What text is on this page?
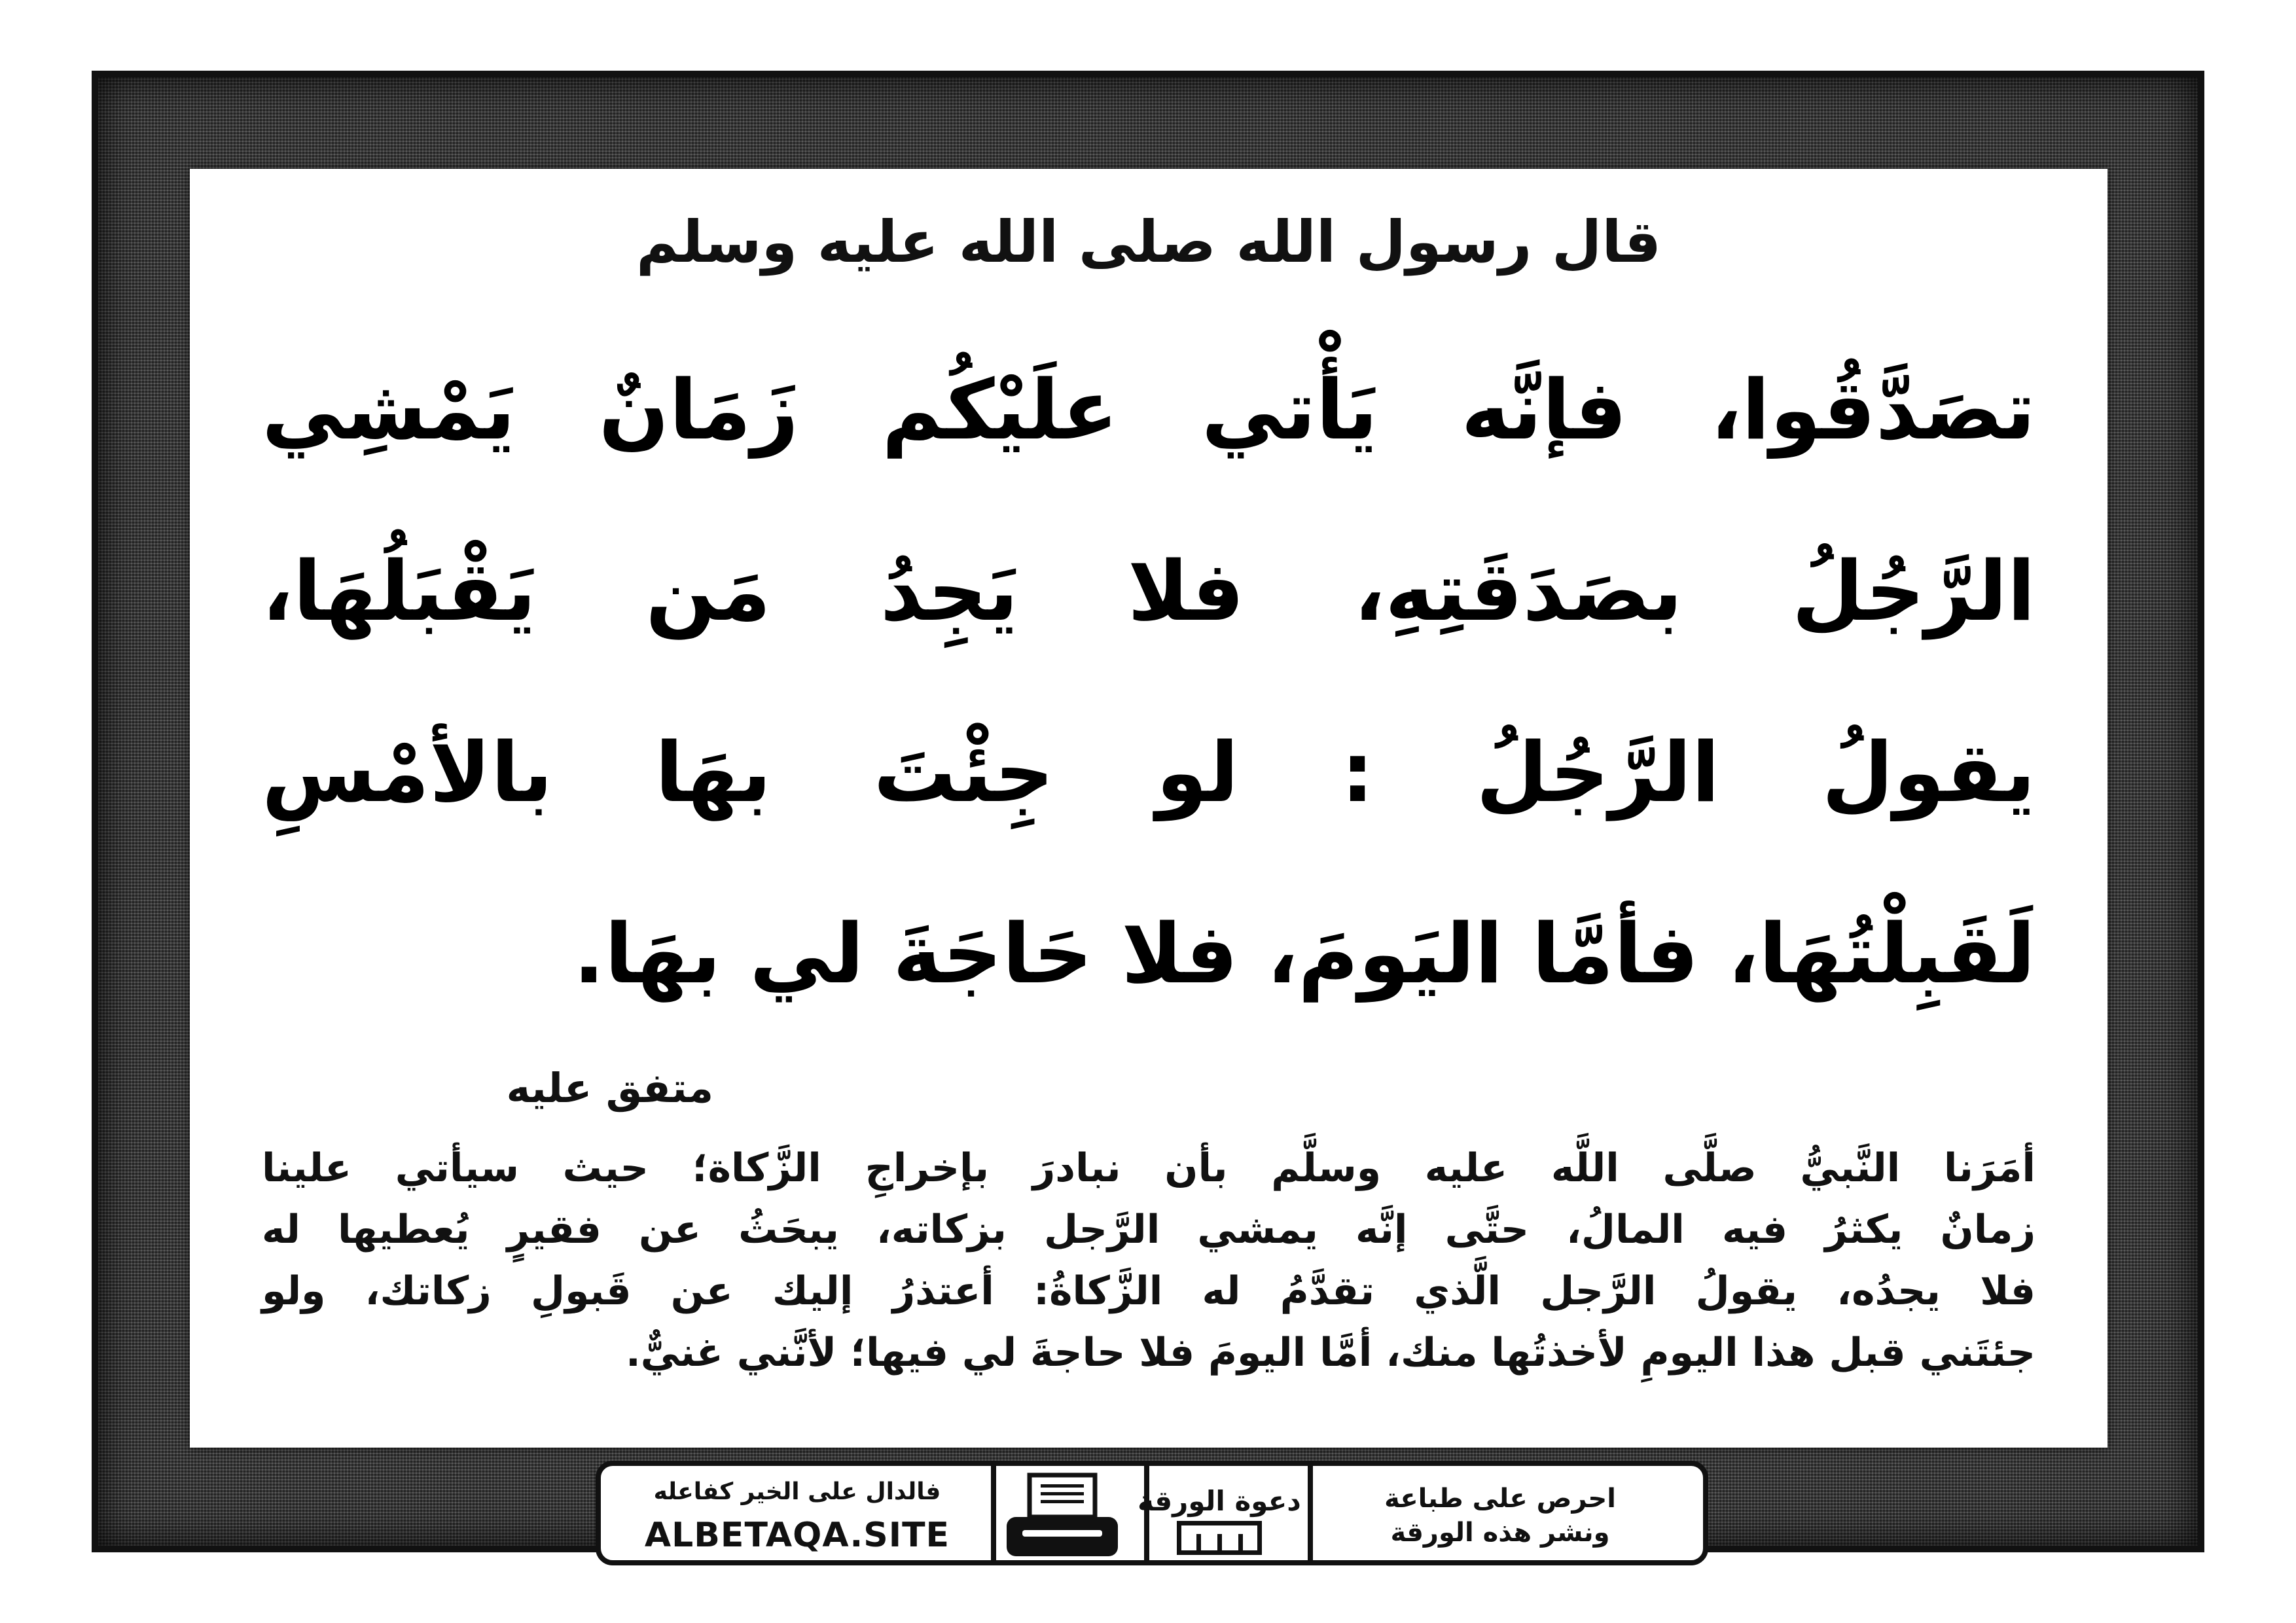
قال رسول الله صلى الله عليه وسلم
تصَدَّقُوا، فإنَّه يَأْتي علَيْكُم زَمَانٌ يَمْشِي
الرَّجُلُ بصَدَقَتِهِ، فلا يَجِدُ مَن يَقْبَلُهَا،
يقولُ الرَّجُلُ : لو جِئْتَ بهَا بالأمْسِ
لَقَبِلْتُهَا، فأمَّا اليَومَ، فلا حَاجَةَ لي بهَا.
متفق عليه
أمَرَنا النَّبيُّ صلَّى اللَّه عليه وسلَّم بأن نبادرَ بإخراجِ الزَّكاة؛ حيث سيأتي علينا
زمانٌ يكثرُ فيه المالُ، حتَّى إنَّه يمشي الرَّجل بزكاته، يبحَثُ عن فقيرٍ يُعطيها له
فلا يجدُه، يقولُ الرَّجل الَّذي تقدَّمُ له الزَّكاةُ: أعتذرُ إليك عن قَبولِ زكاتك، ولو
جئتَني قبل هذا اليومِ لأخذتُها منك، أمَّا اليومَ فلا حاجةَ لي فيها؛ لأنَّني غنيٌّ.
فالدال على الخير كفاعله
ALBETAQA.SITE
دعوة الورقة	احرص على طباعة
ونشر هذه الورقة
